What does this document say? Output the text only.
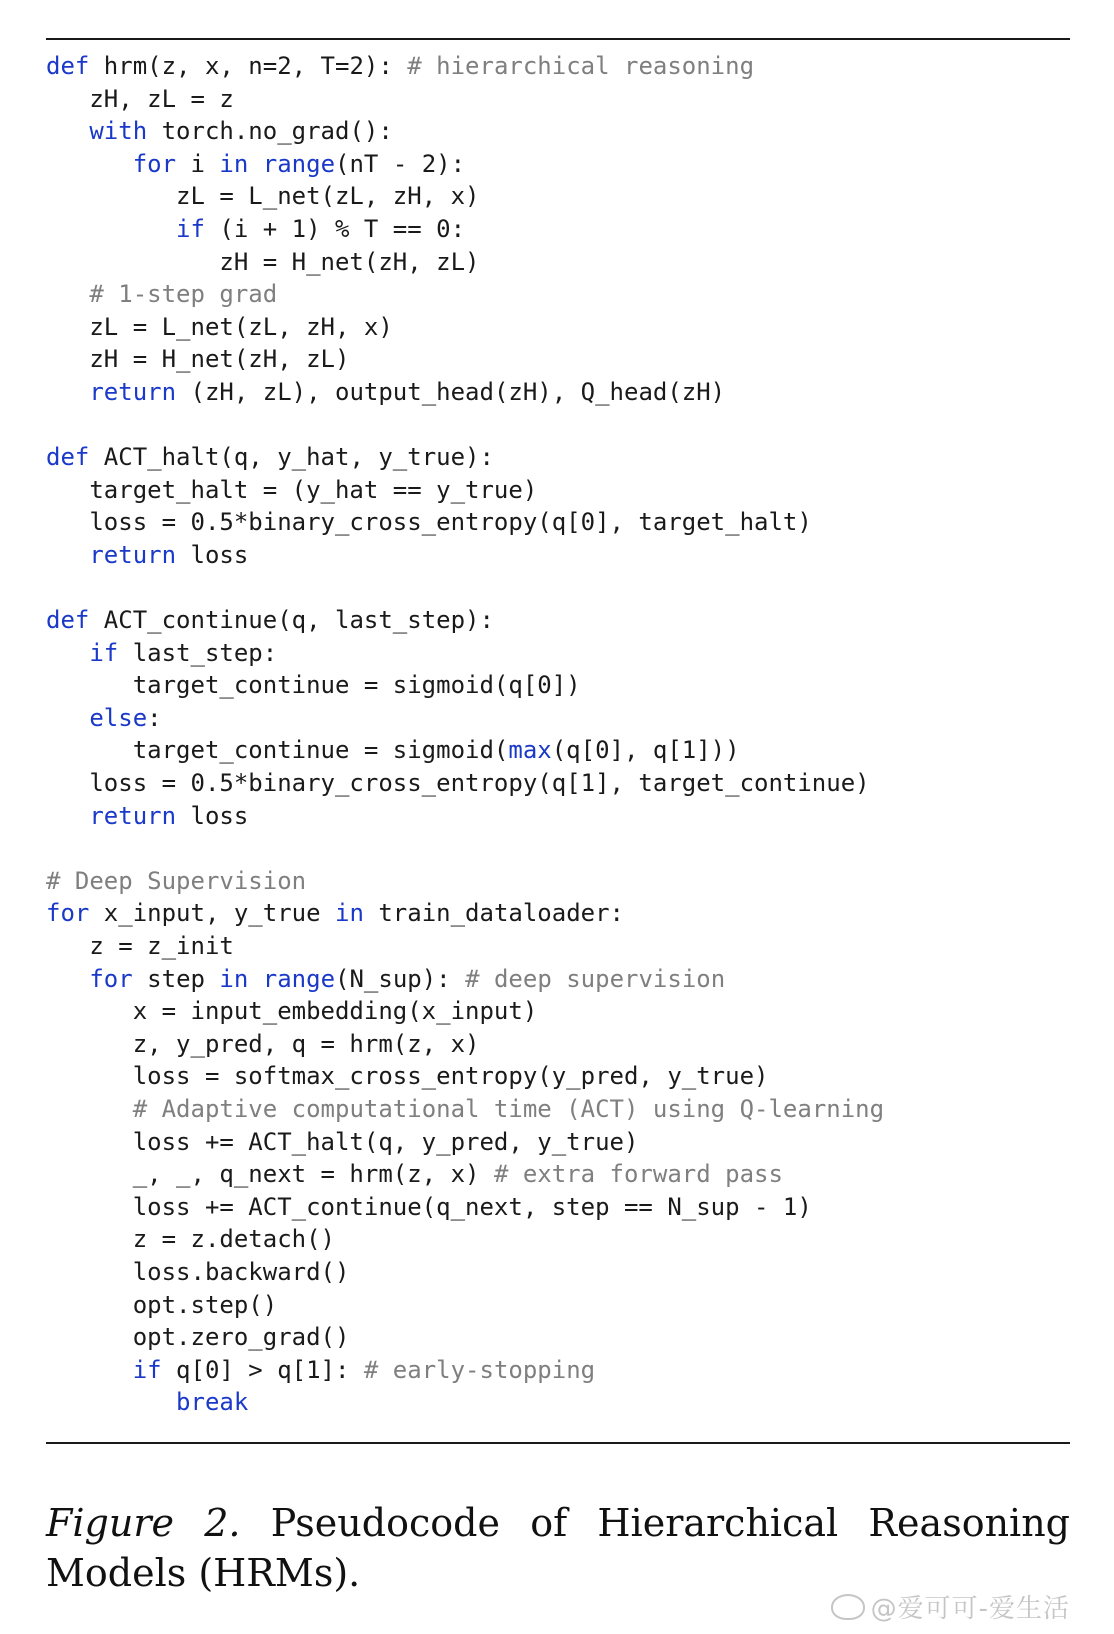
def hrm(z, x, n=2, T=2): # hierarchical reasoning
zH, zL = z
with torch.no_grad():
for i in range(nT - 2):
zL = L_net(zL, zH, x)
if (i + 1) % T == 0:
zH = H_net(zH, zL)
# 1-step grad
zL = L_net(zL, zH, x)
zH = H_net(zH, zL)
return (zH, zL), output_head(zH), Q_head(zH)
def ACT_halt(q, y_hat, y_true):
target_halt = (y_hat == y_true)
loss = 0.5*binary_cross_entropy(q[0], target_halt)
return loss
def ACT_continue(q, last_step):
if last_step:
target_continue = sigmoid(q[0])
else:
target_continue = sigmoid(max(q[0], q[1]))
loss = 0.5*binary_cross_entropy(q[1], target_continue)
return loss
# Deep Supervision
for x_input, y_true in train_dataloader:
z = z_init
for step in range(N_sup): # deep supervision
x = input_embedding(x_input)
z, y_pred, q = hrm(z, x)
loss = softmax_cross_entropy(y_pred, y_true)
# Adaptive computational time (ACT) using Q-learning
loss += ACT_halt(q, y_pred, y_true)
_, _, q_next = hrm(z, x) # extra forward pass
loss += ACT_continue(q_next, step == N_sup - 1)
z = z.detach()
loss.backward()
opt.step()
opt.zero_grad()
if q[0] > q[1]: # early-stopping
break

Figure 2. Pseudocode of Hierarchical Reasoning Models (HRMs).

@爱可可-爱生活
